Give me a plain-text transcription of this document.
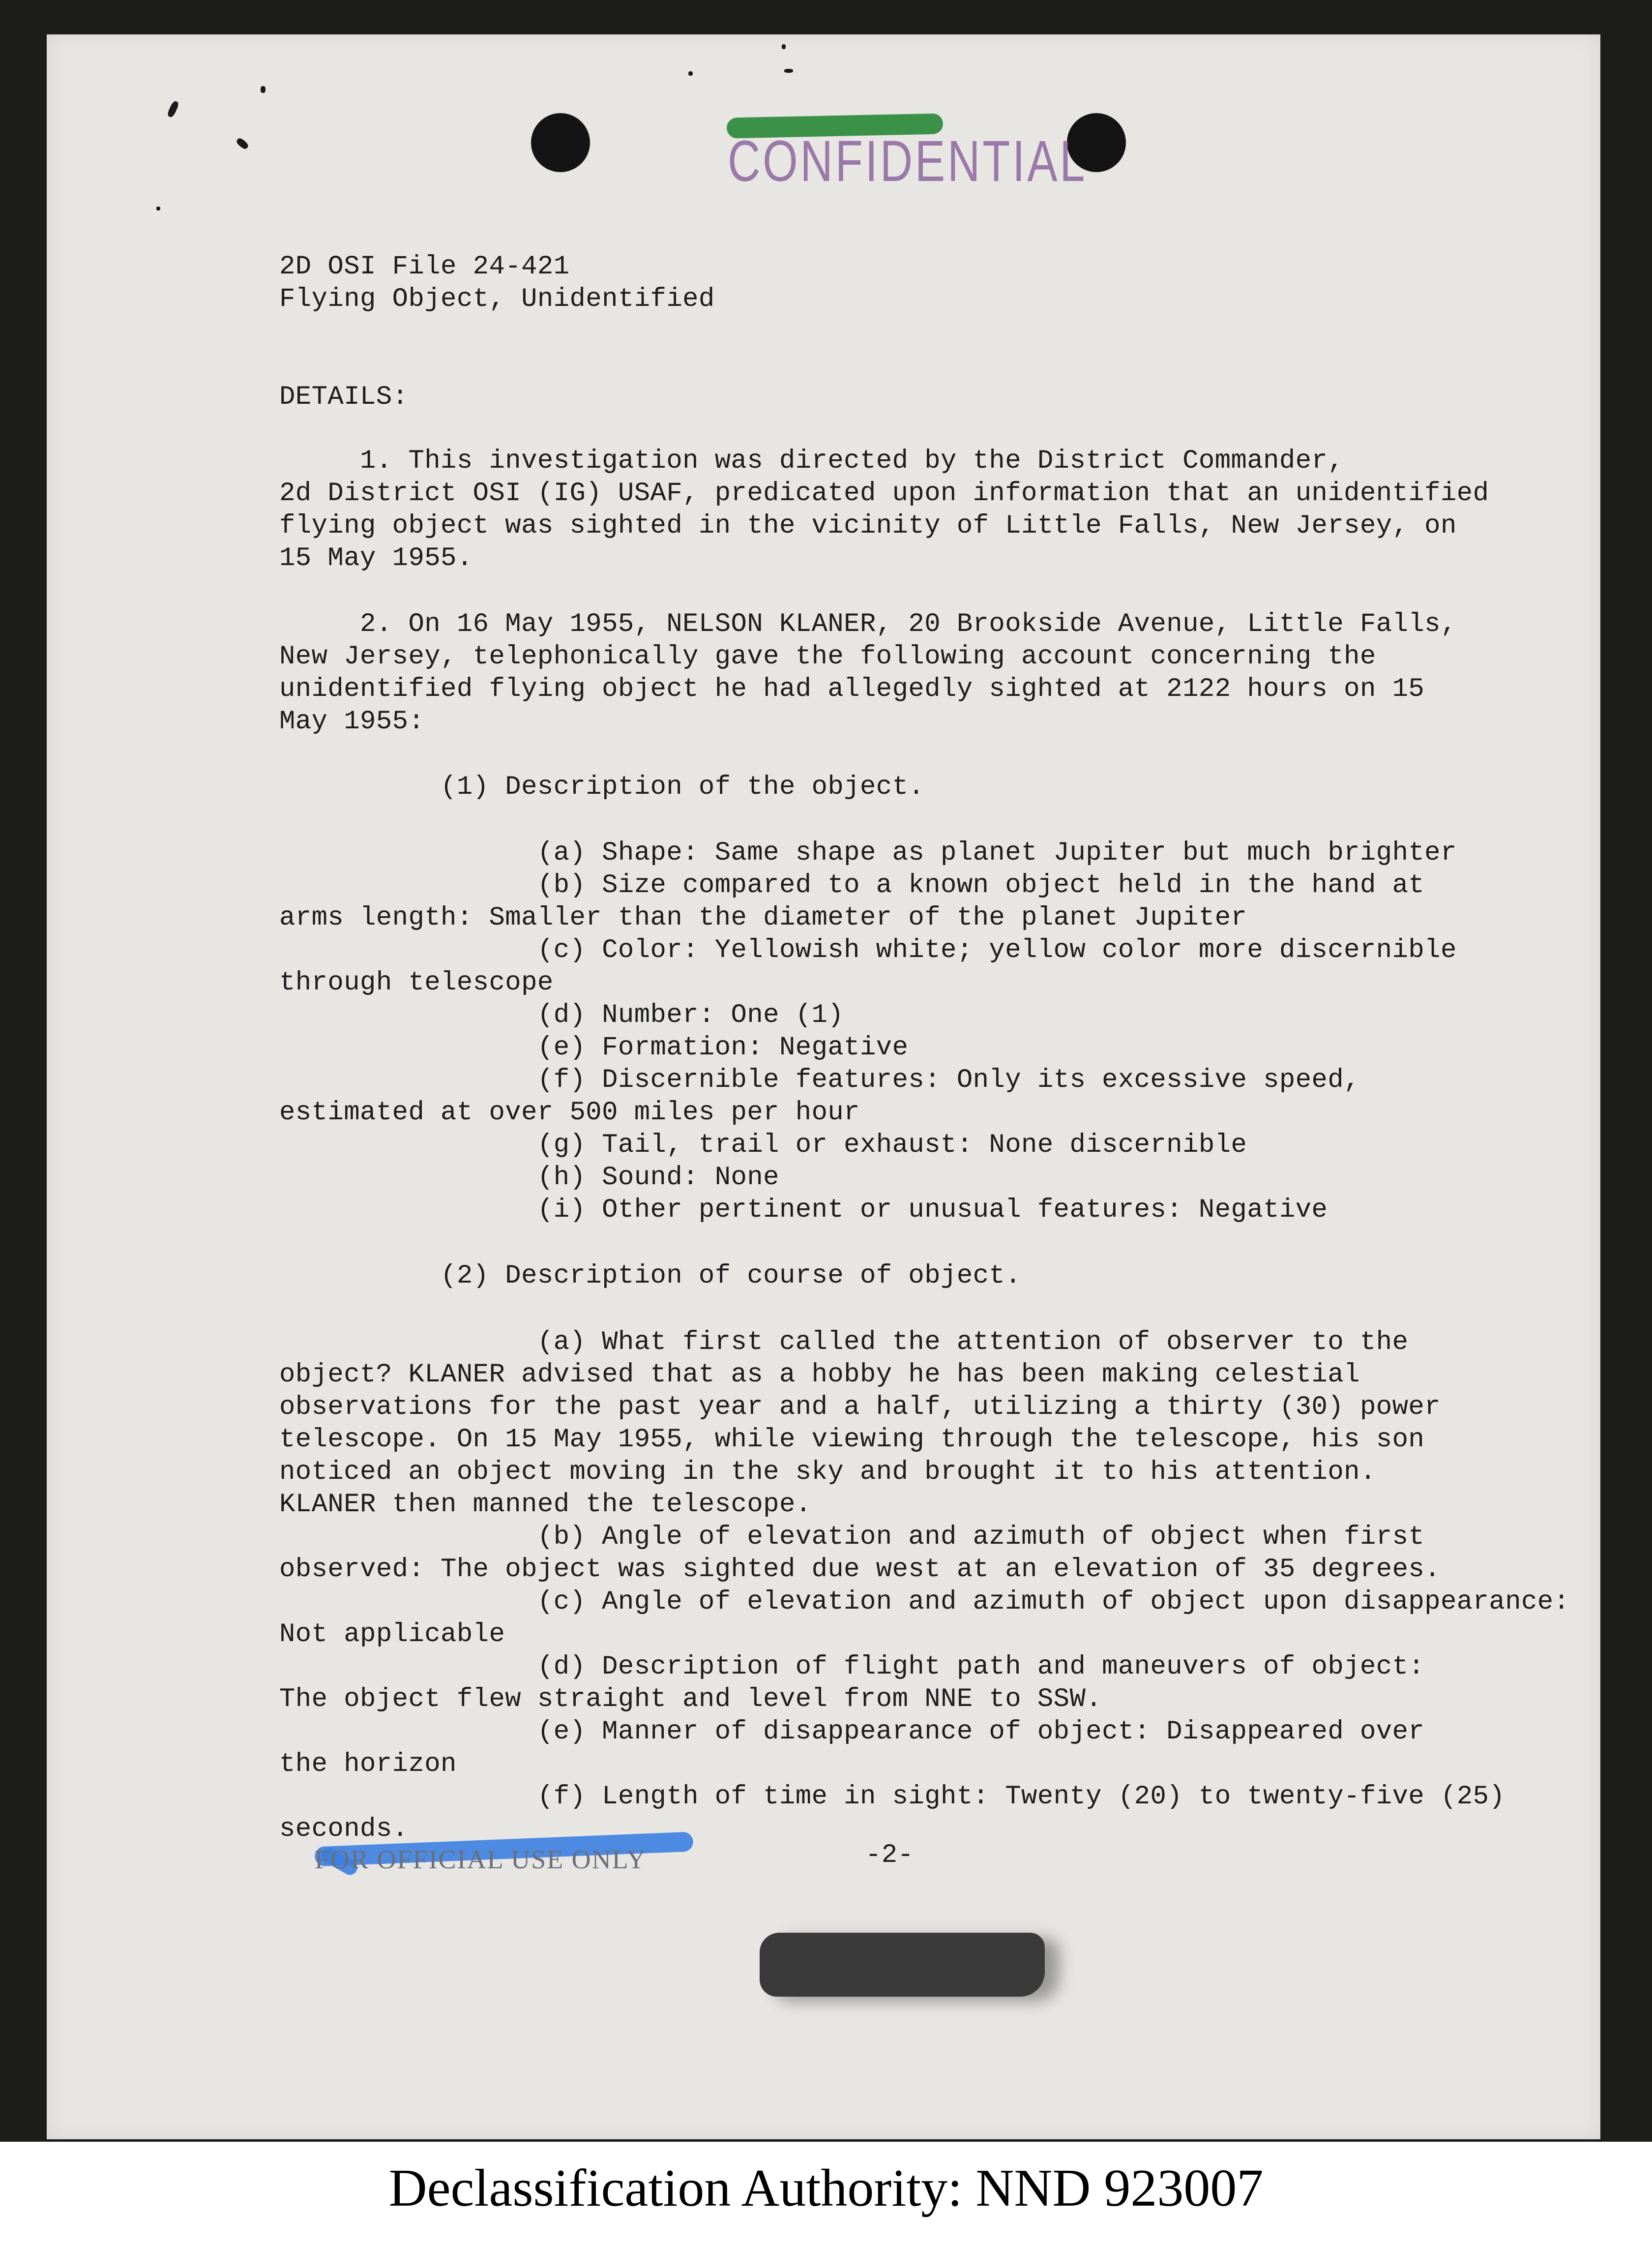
CONFIDENTIAL
2D OSI File 24-421
Flying Object, Unidentified
DETAILS:
1. This investigation was directed by the District Commander,
2d District OSI (IG) USAF, predicated upon information that an unidentified
flying object was sighted in the vicinity of Little Falls, New Jersey, on
15 May 1955.
2. On 16 May 1955, NELSON KLANER, 20 Brookside Avenue, Little Falls,
New Jersey, telephonically gave the following account concerning the
unidentified flying object he had allegedly sighted at 2122 hours on 15
May 1955:
(1) Description of the object.
(a) Shape: Same shape as planet Jupiter but much brighter
(b) Size compared to a known object held in the hand at
arms length: Smaller than the diameter of the planet Jupiter
(c) Color: Yellowish white; yellow color more discernible
through telescope
(d) Number: One (1)
(e) Formation: Negative
(f) Discernible features: Only its excessive speed,
estimated at over 500 miles per hour
(g) Tail, trail or exhaust: None discernible
(h) Sound: None
(i) Other pertinent or unusual features: Negative
(2) Description of course of object.
(a) What first called the attention of observer to the
object? KLANER advised that as a hobby he has been making celestial
observations for the past year and a half, utilizing a thirty (30) power
telescope. On 15 May 1955, while viewing through the telescope, his son
noticed an object moving in the sky and brought it to his attention.
KLANER then manned the telescope.
(b) Angle of elevation and azimuth of object when first
observed: The object was sighted due west at an elevation of 35 degrees.
(c) Angle of elevation and azimuth of object upon disappearance:
Not applicable
(d) Description of flight path and maneuvers of object:
The object flew straight and level from NNE to SSW.
(e) Manner of disappearance of object: Disappeared over
the horizon
(f) Length of time in sight: Twenty (20) to twenty-five (25)
seconds.
FOR OFFICIAL USE ONLY	-2-
Declassification Authority: NND 923007
